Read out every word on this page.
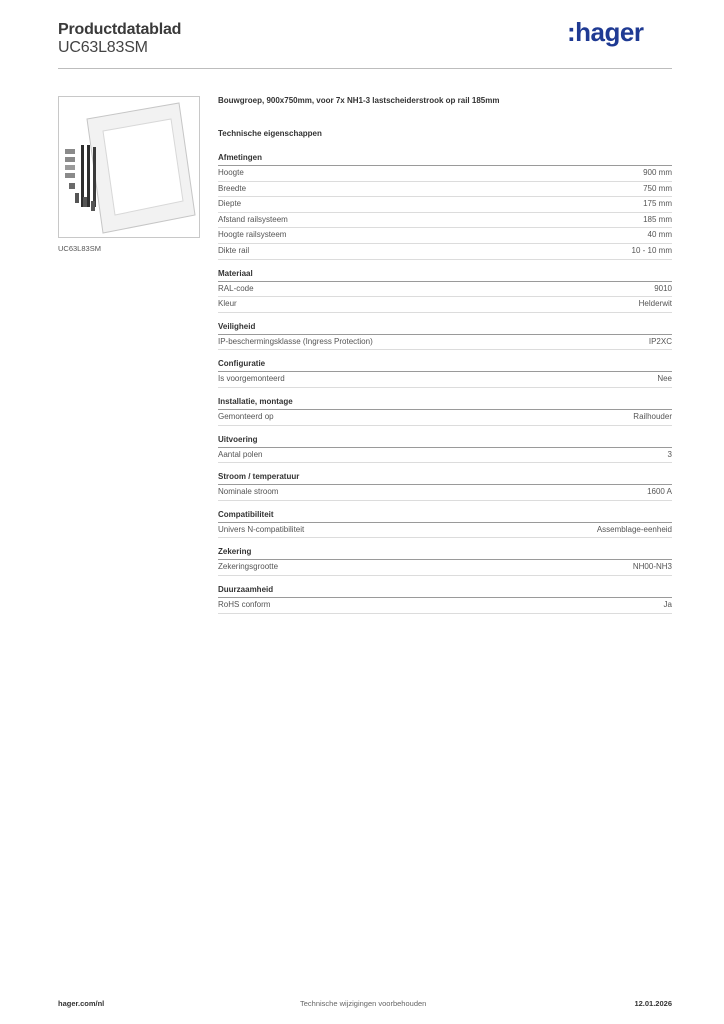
Productdatablad
UC63L83SM
:hager
UC63L83SM
Bouwgroep, 900x750mm, voor 7x NH1-3 lastscheiderstrook op rail 185mm
Technische eigenschappen
Afmetingen
Hoogte	900 mm
Breedte	750 mm
Diepte	175 mm
Afstand railsysteem	185 mm
Hoogte railsysteem	40 mm
Dikte rail	10 - 10 mm
Materiaal
RAL-code	9010
Kleur	Helderwit
Veiligheid
IP-beschermingsklasse (Ingress Protection)	IP2XC
Configuratie
Is voorgemonteerd	Nee
Installatie, montage
Gemonteerd op	Railhouder
Uitvoering
Aantal polen	3
Stroom / temperatuur
Nominale stroom	1600 A
Compatibiliteit
Univers N-compatibiliteit	Assemblage-eenheid
Zekering
Zekeringsgrootte	NH00-NH3
Duurzaamheid
RoHS conform	Ja
hager.com/nl	Technische wijzigingen voorbehouden	12.01.2026
